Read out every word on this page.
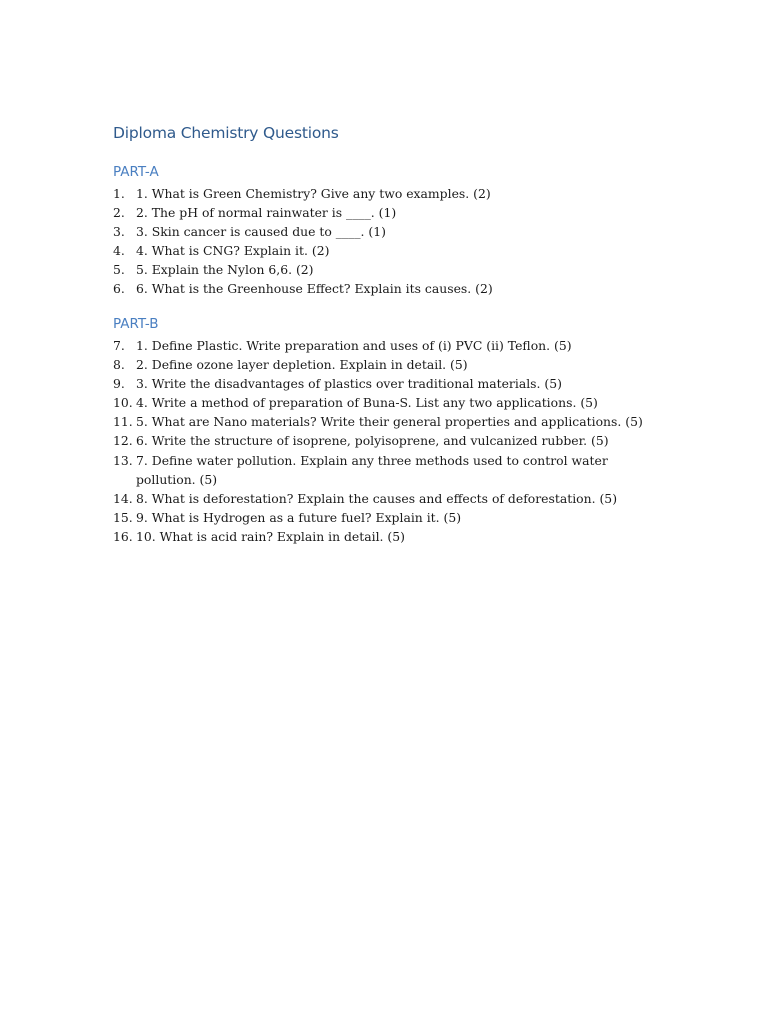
Diploma Chemistry Questions
PART-A
1. 1. What is Green Chemistry? Give any two examples. (2)
2. 2. The pH of normal rainwater is ____. (1)
3. 3. Skin cancer is caused due to ____. (1)
4. 4. What is CNG? Explain it. (2)
5. 5. Explain the Nylon 6,6. (2)
6. 6. What is the Greenhouse Effect? Explain its causes. (2)
PART-B
7. 1. Define Plastic. Write preparation and uses of (i) PVC (ii) Teflon. (5)
8. 2. Define ozone layer depletion. Explain in detail. (5)
9. 3. Write the disadvantages of plastics over traditional materials. (5)
10. 4. Write a method of preparation of Buna-S. List any two applications. (5)
11. 5. What are Nano materials? Write their general properties and applications. (5)
12. 6. Write the structure of isoprene, polyisoprene, and vulcanized rubber. (5)
13. 7. Define water pollution. Explain any three methods used to control water pollution. (5)
14. 8. What is deforestation? Explain the causes and effects of deforestation. (5)
15. 9. What is Hydrogen as a future fuel? Explain it. (5)
16. 10. What is acid rain? Explain in detail. (5)
